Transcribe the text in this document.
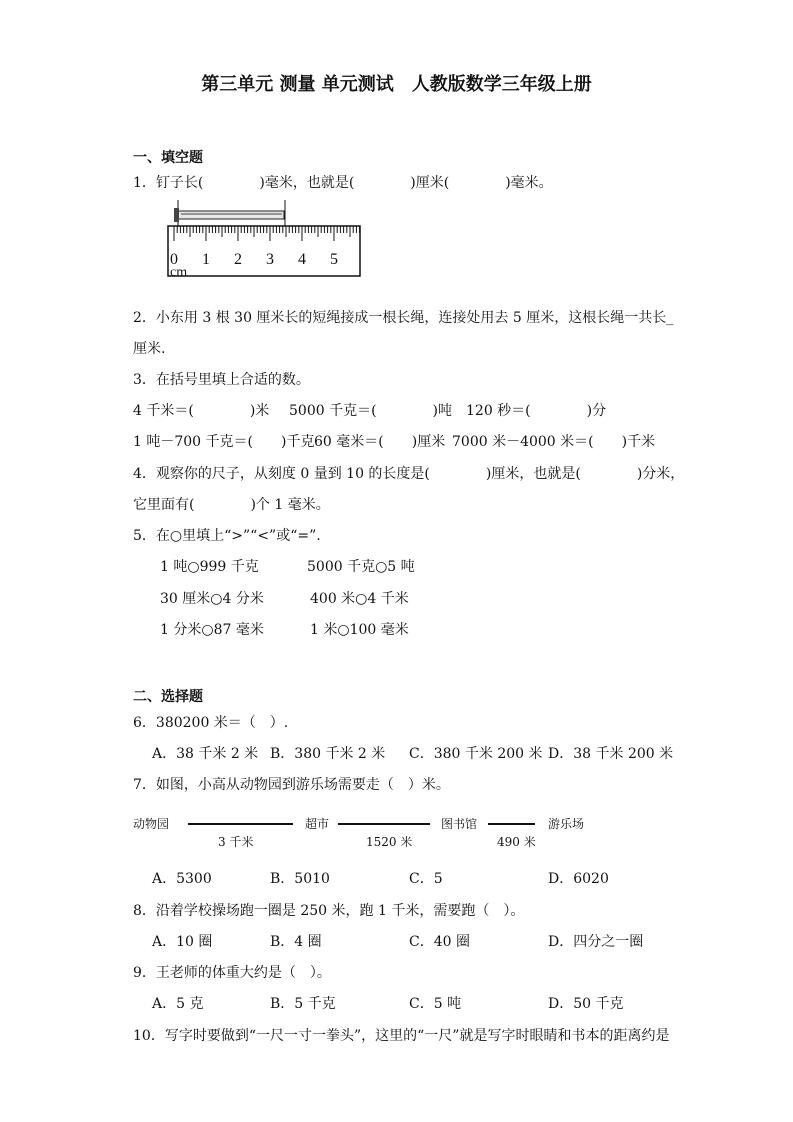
第三单元 测量 单元测试　人教版数学三年级上册
一、填空题
1．钉子长(　　　　)毫米，也就是(　　　　)厘米(　　　　)毫米。
0 1 2 3 4 5
cm
2．小东用 3 根 30 厘米长的短绳接成一根长绳，连接处用去 5 厘米，这根长绳一共长_
厘米.
3．在括号里填上合适的数。
4 千米＝(　　　　)米 5000 千克＝(　　　　)吨 120 秒＝(　　　　)分
1 吨－700 千克＝(　　)千克 60 毫米＝(　　)厘米 7000 米－4000 米＝(　　)千米
4．观察你的尺子，从刻度 0 量到 10 的长度是(　　　　)厘米，也就是(　　　　)分米，
它里面有(　　　　)个 1 毫米。
5．在○里填上“>”“<”或“=”.
1 吨○999 千克	5000 千克○5 吨
30 厘米○4 分米	400 米○4 千米
1 分米○87 毫米	1 米○100 毫米
二、选择题
6．380200 米＝（　）.
A．38 千米 2 米 B．380 千米 2 米 C．380 千米 200 米 D．38 千米 200 米
7．如图，小高从动物园到游乐场需要走（　）米。
动物园	超市	图书馆	游乐场
3 千米	1520 米	490 米
A．5300	B．5010	C．5	D．6020
8．沿着学校操场跑一圈是 250 米，跑 1 千米，需要跑（　）。
A．10 圈	B．4 圈	C．40 圈	D．四分之一圈
9．王老师的体重大约是（　）。
A．5 克	B．5 千克	C．5 吨	D．50 千克
10．写字时要做到“一尺一寸一拳头”，这里的“一尺”就是写字时眼睛和书本的距离约是
